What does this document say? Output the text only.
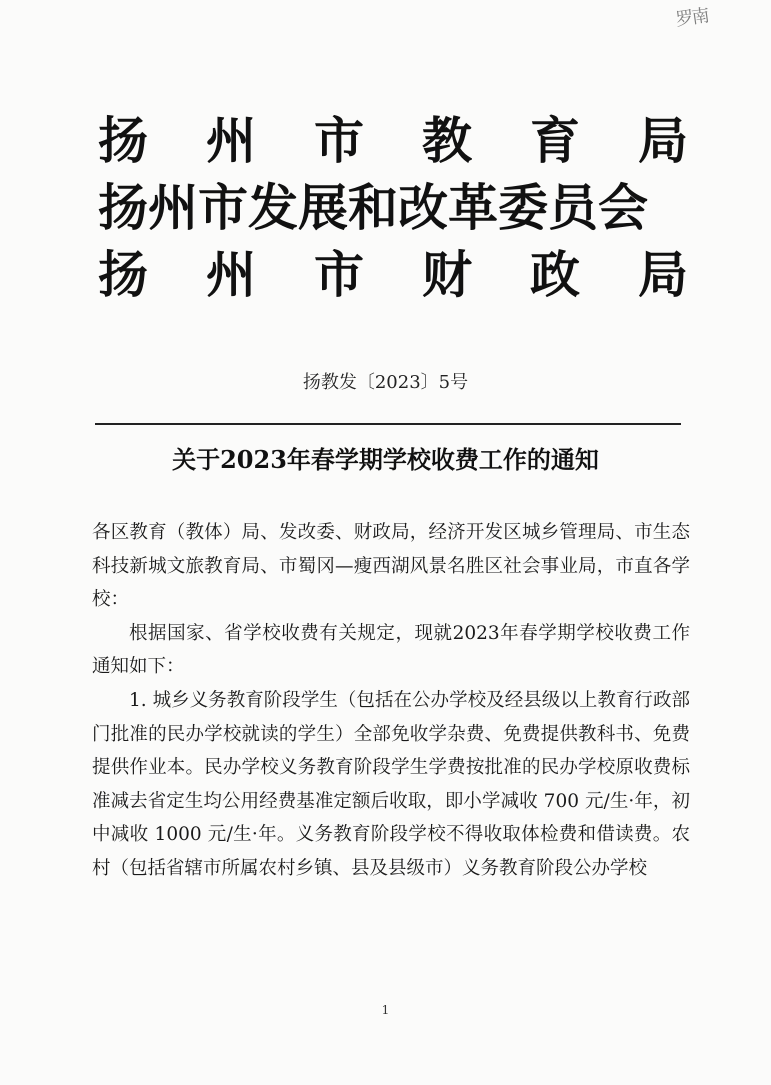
罗南
扬 州 市 教 育 局
扬州市发展和改革委员会
扬 州 市 财 政 局
扬教发〔2023〕5号
关于2023年春学期学校收费工作的通知

各区教育（教体）局、发改委、财政局，经济开发区城乡管理局、市生态科技新城文旅教育局、市蜀冈—瘦西湖风景名胜区社会事业局，市直各学校：

根据国家、省学校收费有关规定，现就2023年春学期学校收费工作通知如下：

1. 城乡义务教育阶段学生（包括在公办学校及经县级以上教育行政部门批准的民办学校就读的学生）全部免收学杂费、免费提供教科书、免费提供作业本。民办学校义务教育阶段学生学费按批准的民办学校原收费标准减去省定生均公用经费基准定额后收取，即小学减收 700 元/生·年，初中减收 1000 元/生·年。义务教育阶段学校不得收取体检费和借读费。农村（包括省辖市所属农村乡镇、县及县级市）义务教育阶段公办学校

1
